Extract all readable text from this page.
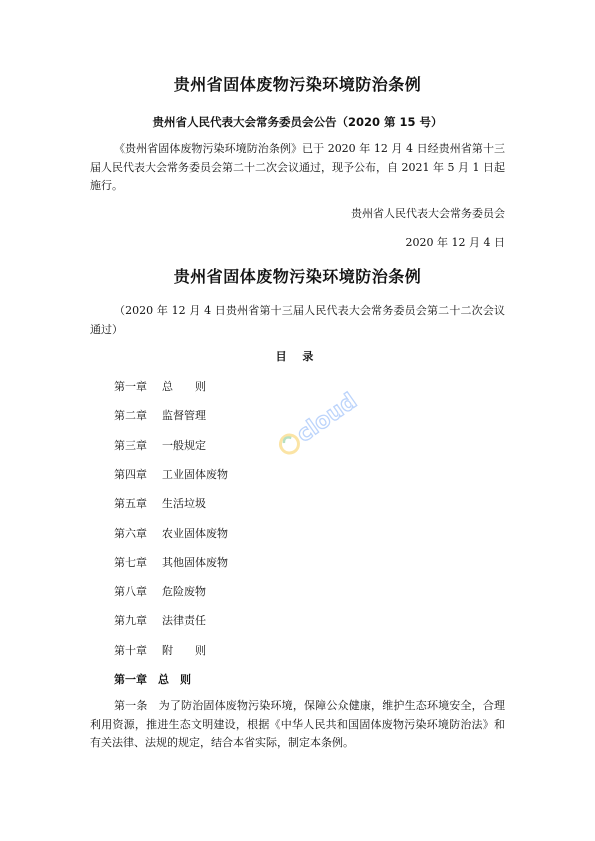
贵州省固体废物污染环境防治条例
贵州省人民代表大会常务委员会公告（2020 第 15 号）
《贵州省固体废物污染环境防治条例》已于 2020 年 12 月 4 日经贵州省第十三届人民代表大会常务委员会第二十二次会议通过，现予公布，自 2021 年 5 月 1 日起施行。
贵州省人民代表大会常务委员会
2020 年 12 月 4 日
贵州省固体废物污染环境防治条例
（2020 年 12 月 4 日贵州省第十三届人民代表大会常务委员会第二十二次会议通过）
目 录
第一章 总　　则
第二章 监督管理
第三章 一般规定
第四章 工业固体废物
第五章 生活垃圾
第六章 农业固体废物
第七章 其他固体废物
第八章 危险废物
第九章 法律责任
第十章 附　　则
第一章　总　则
第一条　为了防治固体废物污染环境，保障公众健康，维护生态环境安全，合理利用资源，推进生态文明建设，根据《中华人民共和国固体废物污染环境防治法》和有关法律、法规的规定，结合本省实际，制定本条例。
cloud
